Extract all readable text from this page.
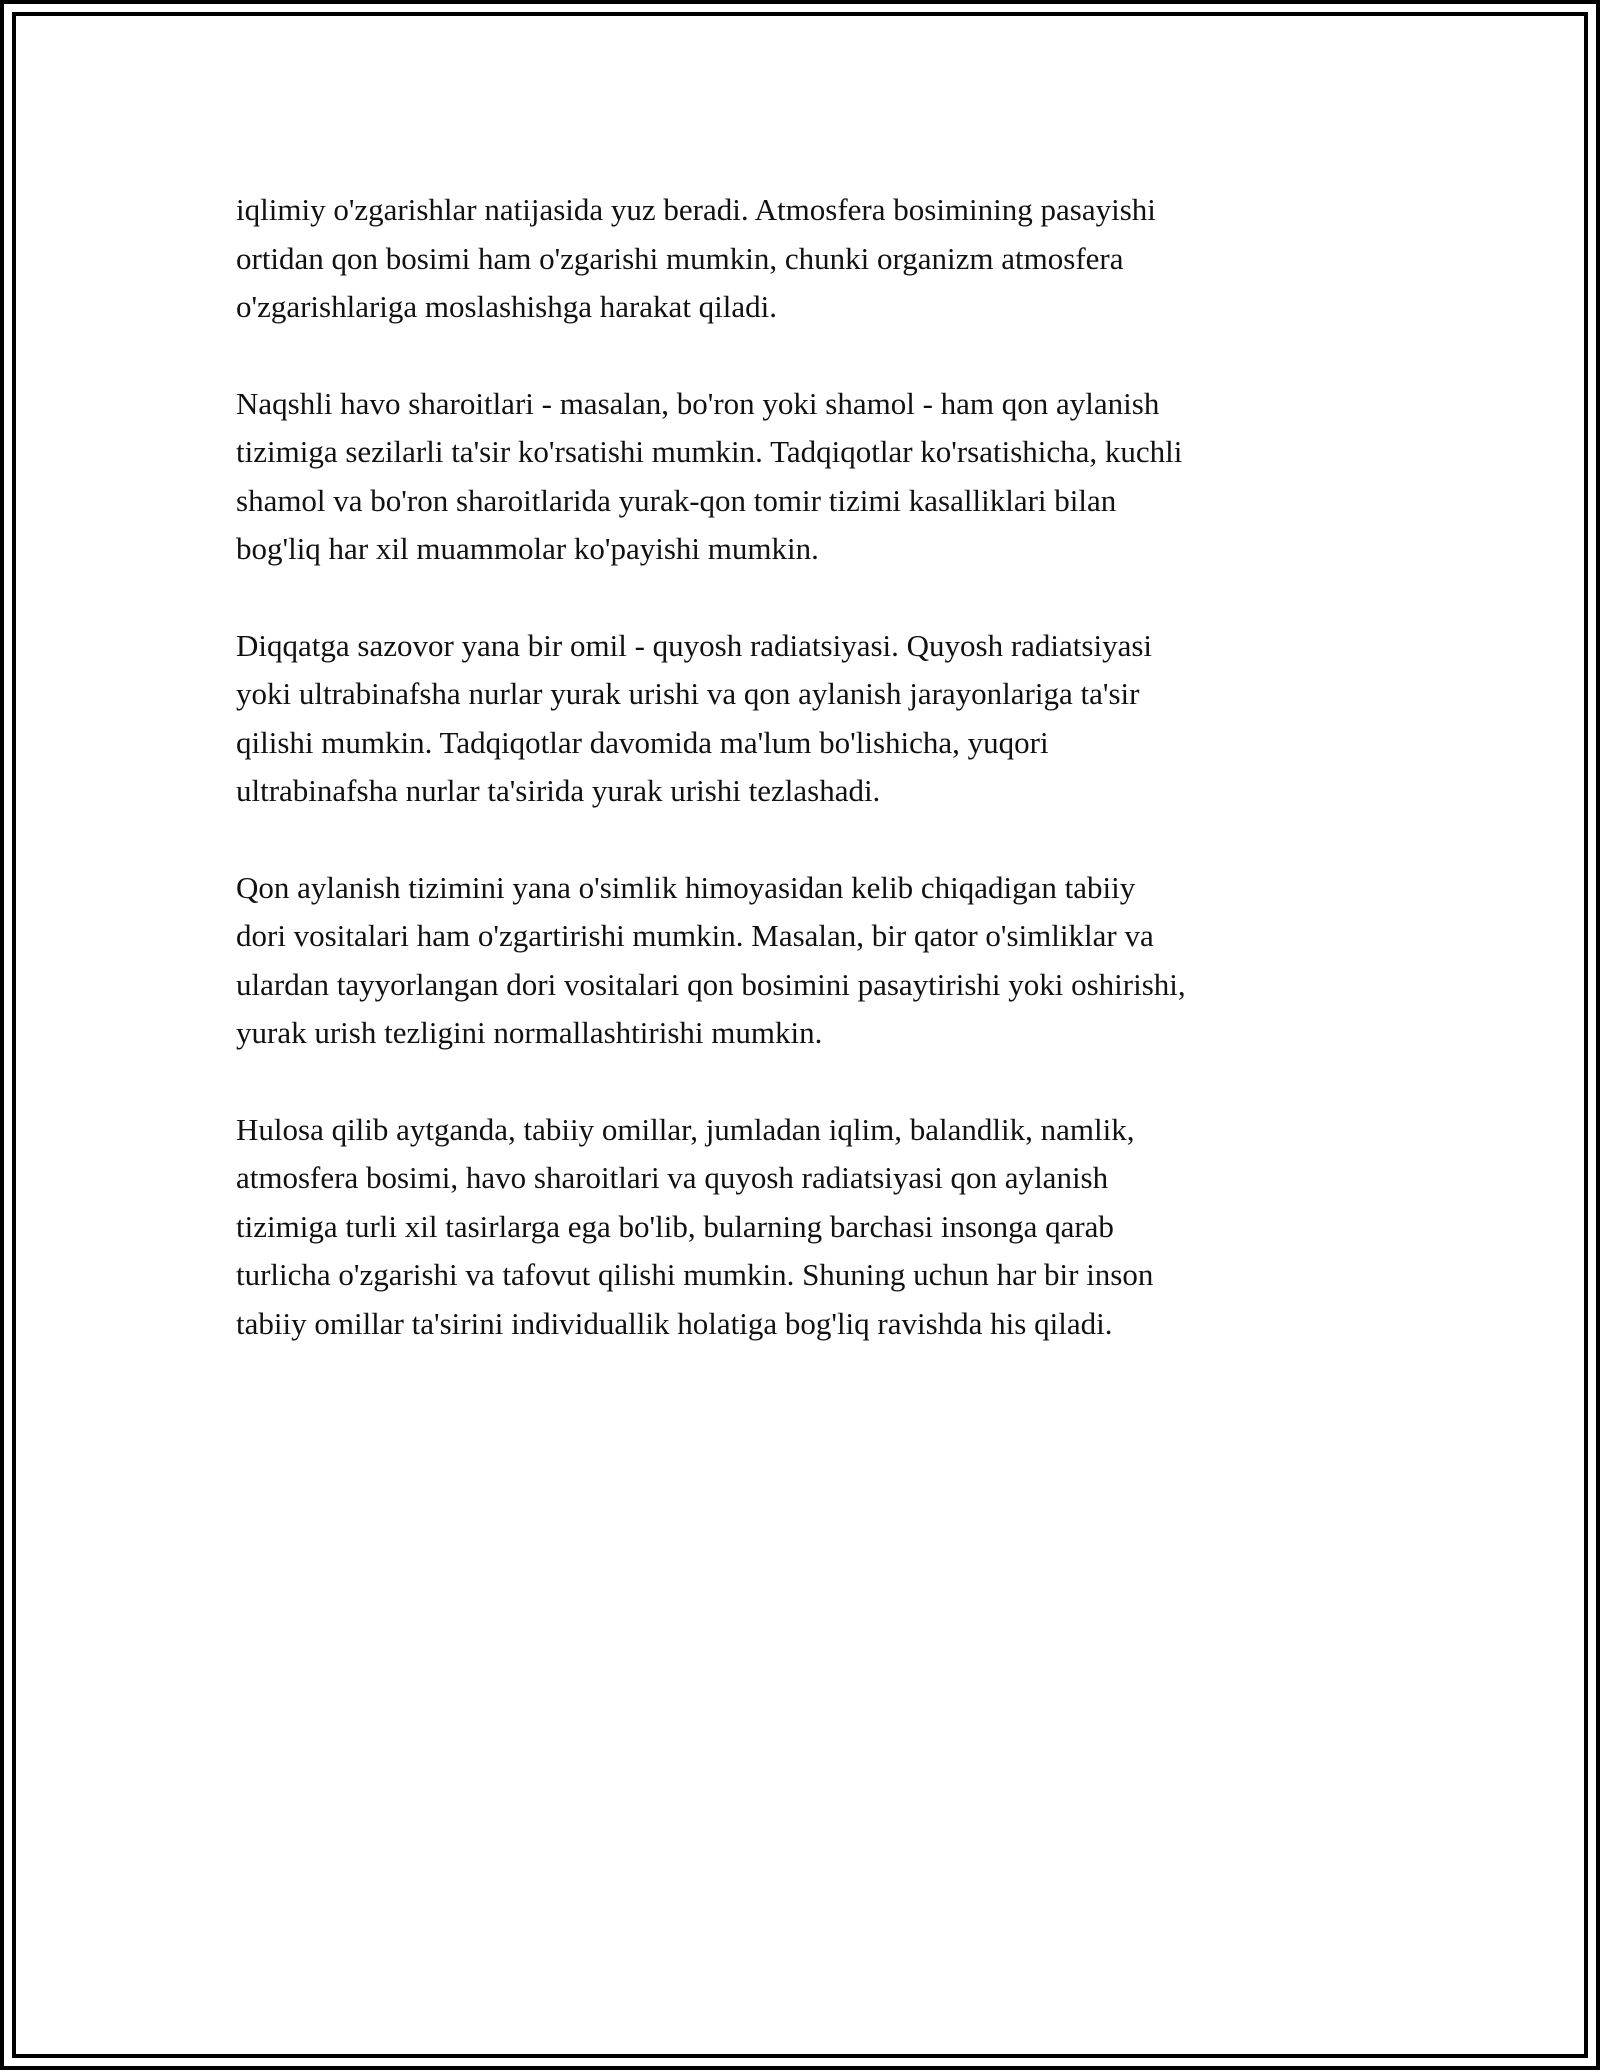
iqlimiy o'zgarishlar natijasida yuz beradi. Atmosfera bosimining pasayishi
ortidan qon bosimi ham o'zgarishi mumkin, chunki organizm atmosfera
o'zgarishlariga moslashishga harakat qiladi.

Naqshli havo sharoitlari - masalan, bo'ron yoki shamol - ham qon aylanish
tizimiga sezilarli ta'sir ko'rsatishi mumkin. Tadqiqotlar ko'rsatishicha, kuchli
shamol va bo'ron sharoitlarida yurak-qon tomir tizimi kasalliklari bilan
bog'liq har xil muammolar ko'payishi mumkin.

Diqqatga sazovor yana bir omil - quyosh radiatsiyasi. Quyosh radiatsiyasi
yoki ultrabinafsha nurlar yurak urishi va qon aylanish jarayonlariga ta'sir
qilishi mumkin. Tadqiqotlar davomida ma'lum bo'lishicha, yuqori
ultrabinafsha nurlar ta'sirida yurak urishi tezlashadi.

Qon aylanish tizimini yana o'simlik himoyasidan kelib chiqadigan tabiiy
dori vositalari ham o'zgartirishi mumkin. Masalan, bir qator o'simliklar va
ulardan tayyorlangan dori vositalari qon bosimini pasaytirishi yoki oshirishi,
yurak urish tezligini normallashtirishi mumkin.

Hulosa qilib aytganda, tabiiy omillar, jumladan iqlim, balandlik, namlik,
atmosfera bosimi, havo sharoitlari va quyosh radiatsiyasi qon aylanish
tizimiga turli xil tasirlarga ega bo'lib, bularning barchasi insonga qarab
turlicha o'zgarishi va tafovut qilishi mumkin. Shuning uchun har bir inson
tabiiy omillar ta'sirini individuallik holatiga bog'liq ravishda his qiladi.
